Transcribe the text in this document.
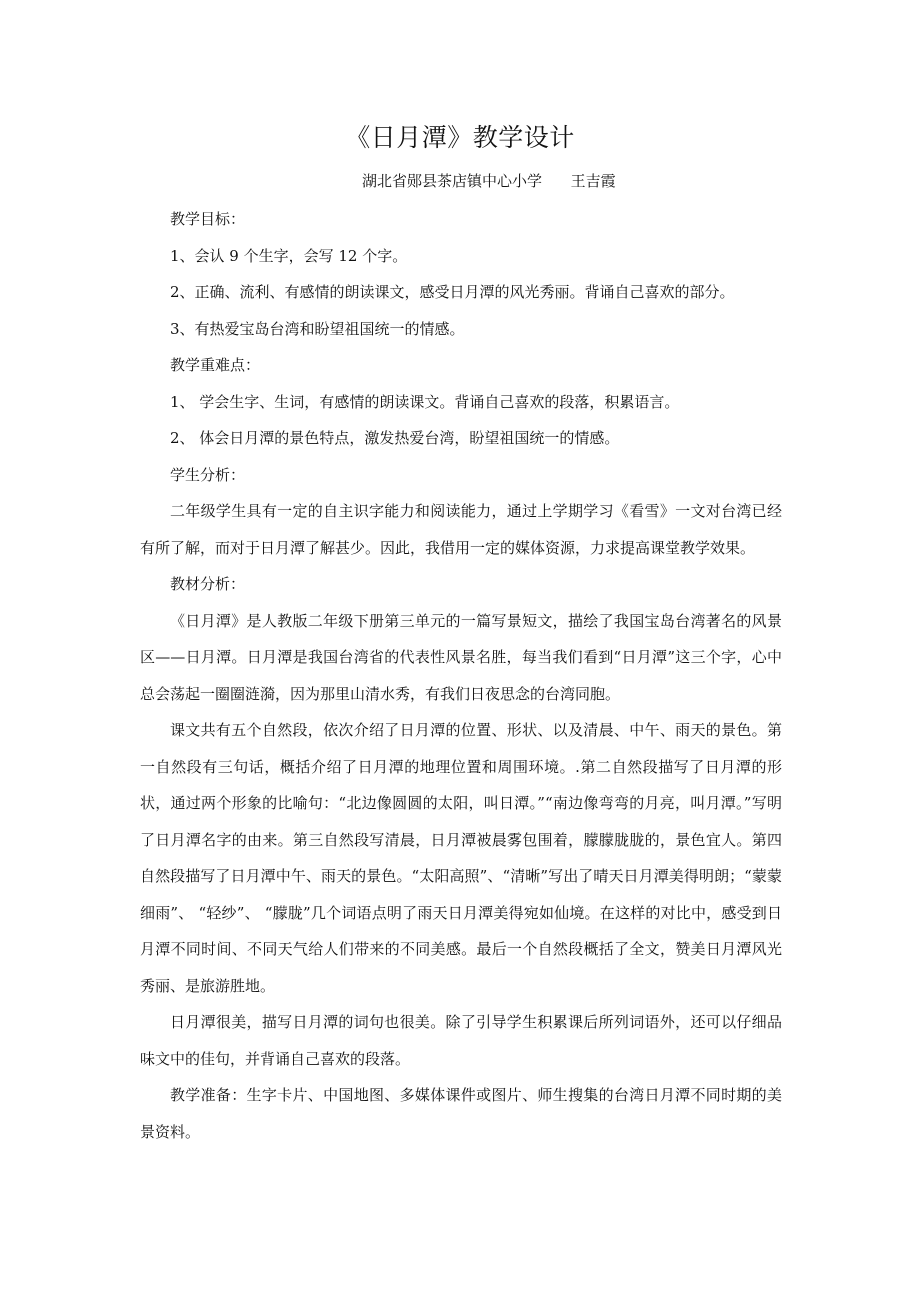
《日月潭》教学设计
湖北省郧县茶店镇中心小学      王吉霞

教学目标：

1、会认 9 个生字，会写 12 个字。

2、正确、流利、有感情的朗读课文，感受日月潭的风光秀丽。背诵自己喜欢的部分。

3、有热爱宝岛台湾和盼望祖国统一的情感。

教学重难点：

1、 学会生字、生词，有感情的朗读课文。背诵自己喜欢的段落，积累语言。

2、 体会日月潭的景色特点，激发热爱台湾，盼望祖国统一的情感。

学生分析：

二年级学生具有一定的自主识字能力和阅读能力，通过上学期学习《看雪》一文对台湾已经有所了解，而对于日月潭了解甚少。因此，我借用一定的媒体资源，力求提高课堂教学效果。

教材分析：

《日月潭》是人教版二年级下册第三单元的一篇写景短文，描绘了我国宝岛台湾著名的风景区——日月潭。日月潭是我国台湾省的代表性风景名胜，每当我们看到“日月潭”这三个字，心中总会荡起一圈圈涟漪，因为那里山清水秀，有我们日夜思念的台湾同胞。

课文共有五个自然段，依次介绍了日月潭的位置、形状、以及清晨、中午、雨天的景色。第一自然段有三句话，概括介绍了日月潭的地理位置和周围环境。.第二自然段描写了日月潭的形状，通过两个形象的比喻句：“北边像圆圆的太阳，叫日潭。”“南边像弯弯的月亮，叫月潭。”写明了日月潭名字的由来。第三自然段写清晨，日月潭被晨雾包围着，朦朦胧胧的，景色宜人。第四自然段描写了日月潭中午、雨天的景色。“太阳高照”、“清晰”写出了晴天日月潭美得明朗；“蒙蒙细雨”、 “轻纱”、 “朦胧”几个词语点明了雨天日月潭美得宛如仙境。在这样的对比中，感受到日月潭不同时间、不同天气给人们带来的不同美感。最后一个自然段概括了全文，赞美日月潭风光秀丽、是旅游胜地。

日月潭很美，描写日月潭的词句也很美。除了引导学生积累课后所列词语外，还可以仔细品味文中的佳句，并背诵自己喜欢的段落。

教学准备：生字卡片、中国地图、多媒体课件或图片、师生搜集的台湾日月潭不同时期的美景资料。
